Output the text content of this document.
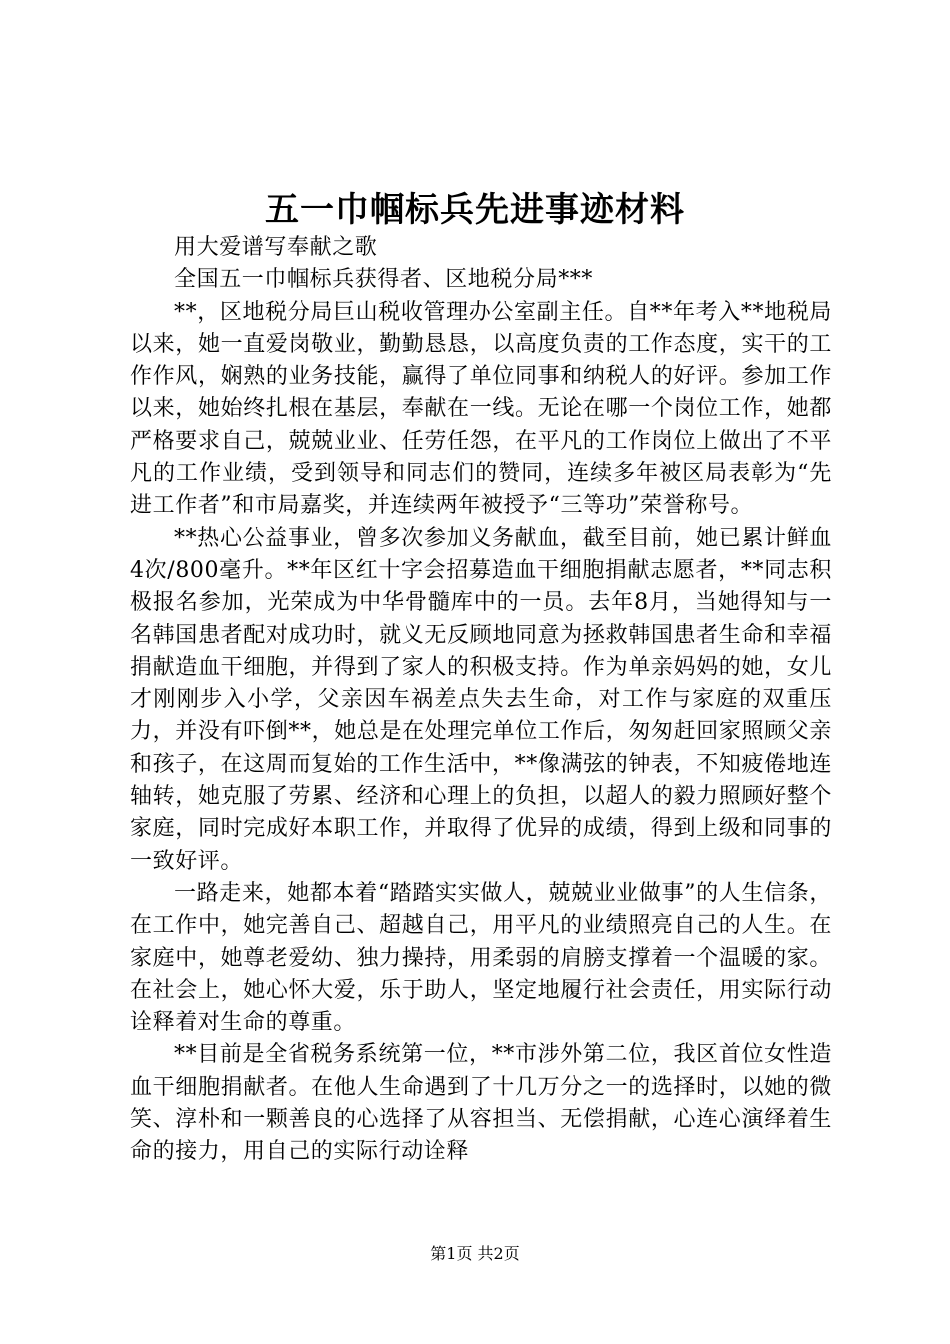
五一巾帼标兵先进事迹材料

用大爱谱写奉献之歌

全国五一巾帼标兵获得者、区地税分局***

**，区地税分局巨山税收管理办公室副主任。自**年考入**地税局以来，她一直爱岗敬业，勤勤恳恳，以高度负责的工作态度，实干的工作作风，娴熟的业务技能，赢得了单位同事和纳税人的好评。参加工作以来，她始终扎根在基层，奉献在一线。无论在哪一个岗位工作，她都严格要求自己，兢兢业业、任劳任怨，在平凡的工作岗位上做出了不平凡的工作业绩，受到领导和同志们的赞同，连续多年被区局表彰为“先进工作者”和市局嘉奖，并连续两年被授予“三等功”荣誉称号。

**热心公益事业，曾多次参加义务献血，截至目前，她已累计鲜血4次/800毫升。**年区红十字会招募造血干细胞捐献志愿者，**同志积极报名参加，光荣成为中华骨髓库中的一员。去年8月，当她得知与一名韩国患者配对成功时，就义无反顾地同意为拯救韩国患者生命和幸福捐献造血干细胞，并得到了家人的积极支持。作为单亲妈妈的她，女儿才刚刚步入小学，父亲因车祸差点失去生命，对工作与家庭的双重压力，并没有吓倒**，她总是在处理完单位工作后，匆匆赶回家照顾父亲和孩子，在这周而复始的工作生活中，**像满弦的钟表，不知疲倦地连轴转，她克服了劳累、经济和心理上的负担，以超人的毅力照顾好整个家庭，同时完成好本职工作，并取得了优异的成绩，得到上级和同事的一致好评。

一路走来，她都本着“踏踏实实做人，兢兢业业做事”的人生信条，在工作中，她完善自己、超越自己，用平凡的业绩照亮自己的人生。在家庭中，她尊老爱幼、独力操持，用柔弱的肩膀支撑着一个温暖的家。在社会上，她心怀大爱，乐于助人，坚定地履行社会责任，用实际行动诠释着对生命的尊重。

**目前是全省税务系统第一位，**市涉外第二位，我区首位女性造血干细胞捐献者。在他人生命遇到了十几万分之一的选择时，以她的微笑、淳朴和一颗善良的心选择了从容担当、无偿捐献，心连心演绎着生命的接力，用自己的实际行动诠释

第1页 共2页
